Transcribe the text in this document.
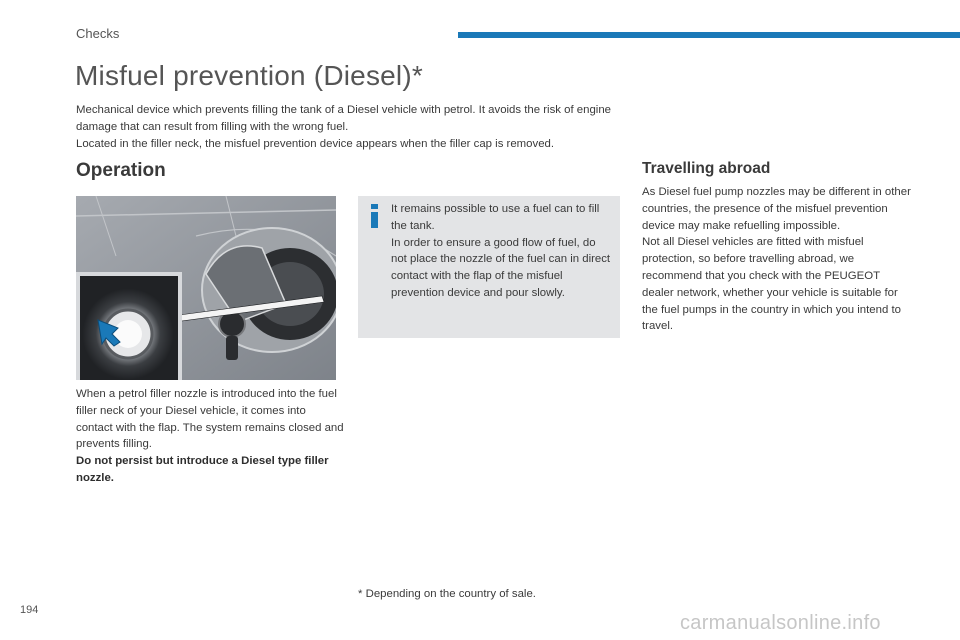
Checks
Misfuel prevention (Diesel)*

Mechanical device which prevents filling the tank of a Diesel vehicle with petrol. It avoids the risk of engine damage that can result from filling with the wrong fuel.

Located in the filler neck, the misfuel prevention device appears when the filler cap is removed.

Operation

When a petrol filler nozzle is introduced into the fuel filler neck of your Diesel vehicle, it comes into contact with the flap. The system remains closed and prevents filling.

Do not persist but introduce a Diesel type filler nozzle.

It remains possible to use a fuel can to fill the tank.

In order to ensure a good flow of fuel, do not place the nozzle of the fuel can in direct contact with the flap of the misfuel prevention device and pour slowly.

Travelling abroad

As Diesel fuel pump nozzles may be different in other countries, the presence of the misfuel prevention device may make refuelling impossible.

Not all Diesel vehicles are fitted with misfuel protection, so before travelling abroad, we recommend that you check with the PEUGEOT dealer network, whether your vehicle is suitable for the fuel pumps in the country in which you intend to travel.

* Depending on the country of sale.
194
carmanualsonline.info
